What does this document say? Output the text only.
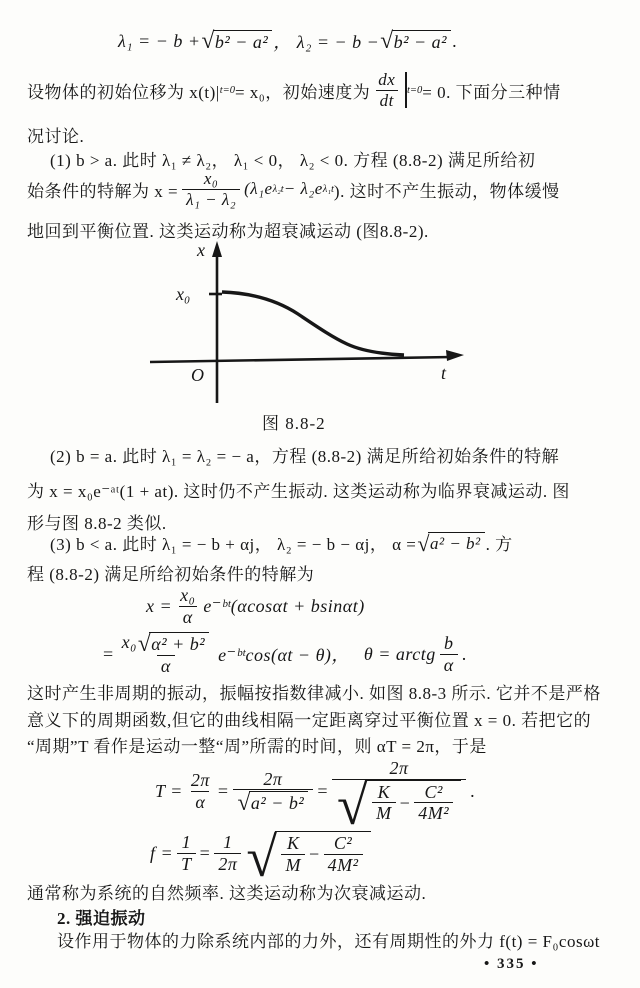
λ₁ = − b + √ b² − a² ， λ₂ = − b − √ b² − a² .
设物体的初始位移为 x(t)| t=0 = x₀，初始速度为 $\frac{dx}{dt} t=0 = 0$. 下面分三种情
况讨论.
(1) b > a. 此时 λ₁ ≠ λ₂， λ₁ < 0， λ₂ < 0. 方程 (8.8-2) 满足所给初
始条件的特解为 $x = \frac{\text{x₀}}{\text{λ₁ − λ₂}} (\lambda_1e$ λ₂t − λ₂e λ₁t ). 这时不产生振动，物体缓慢
地回到平衡位置. 这类运动称为超衰减运动 (图8.8-2).
x
x₀
O	t
图 8.8-2
(2) b = a. 此时 λ₁ = λ₂ = − a，方程 (8.8-2) 满足所给初始条件的特解
为 x = x₀e⁻ᵃᵗ(1 + at). 这时仍不产生振动. 这类运动称为临界衰减运动. 图
形与图 8.8-2 类似.
(3) b < a. 此时 λ₁ = − b + αj， λ₂ = − b − αj， α = √ a² − b² . 方
程 (8.8-2) 满足所给初始条件的特解为
$x = \frac{\text{x₀}}{\alpha}$ e⁻ᵇᵗ(αcosαt + bsinαt)
= $\frac{\text{x₀ √ α² + b²}}{\alpha}$ e⁻ᵇᵗcos(αt − θ)， θ = arctg $\frac{b}{\alpha}$ .
这时产生非周期的振动，振幅按指数律减小. 如图 8.8-3 所示. 它并不是严格
意义下的周期函数,但它的曲线相隔一定距离穿过平衡位置 x = 0. 若把它的
“周期”T 看作是运动一整“周”所需的时间，则 αT = 2π，于是
$T = \frac{2\pi}{\alpha} = \frac{2\pi}{\text{√ a² − b²}} = \frac{2\pi}{√ \frac{K}{M} - \frac{\text{C²}}{\text{4M²}}}$ .
$f = \frac{1}{T} = \frac{1}{2\pi}$ √ $\frac{K}{M} - \frac{\text{C²}}{\text{4M²}}$
通常称为系统的自然频率. 这类运动称为次衰减运动.
2. 强迫振动
设作用于物体的力除系统内部的力外，还有周期性的外力 f(t) = F₀cosωt
• 335 •
